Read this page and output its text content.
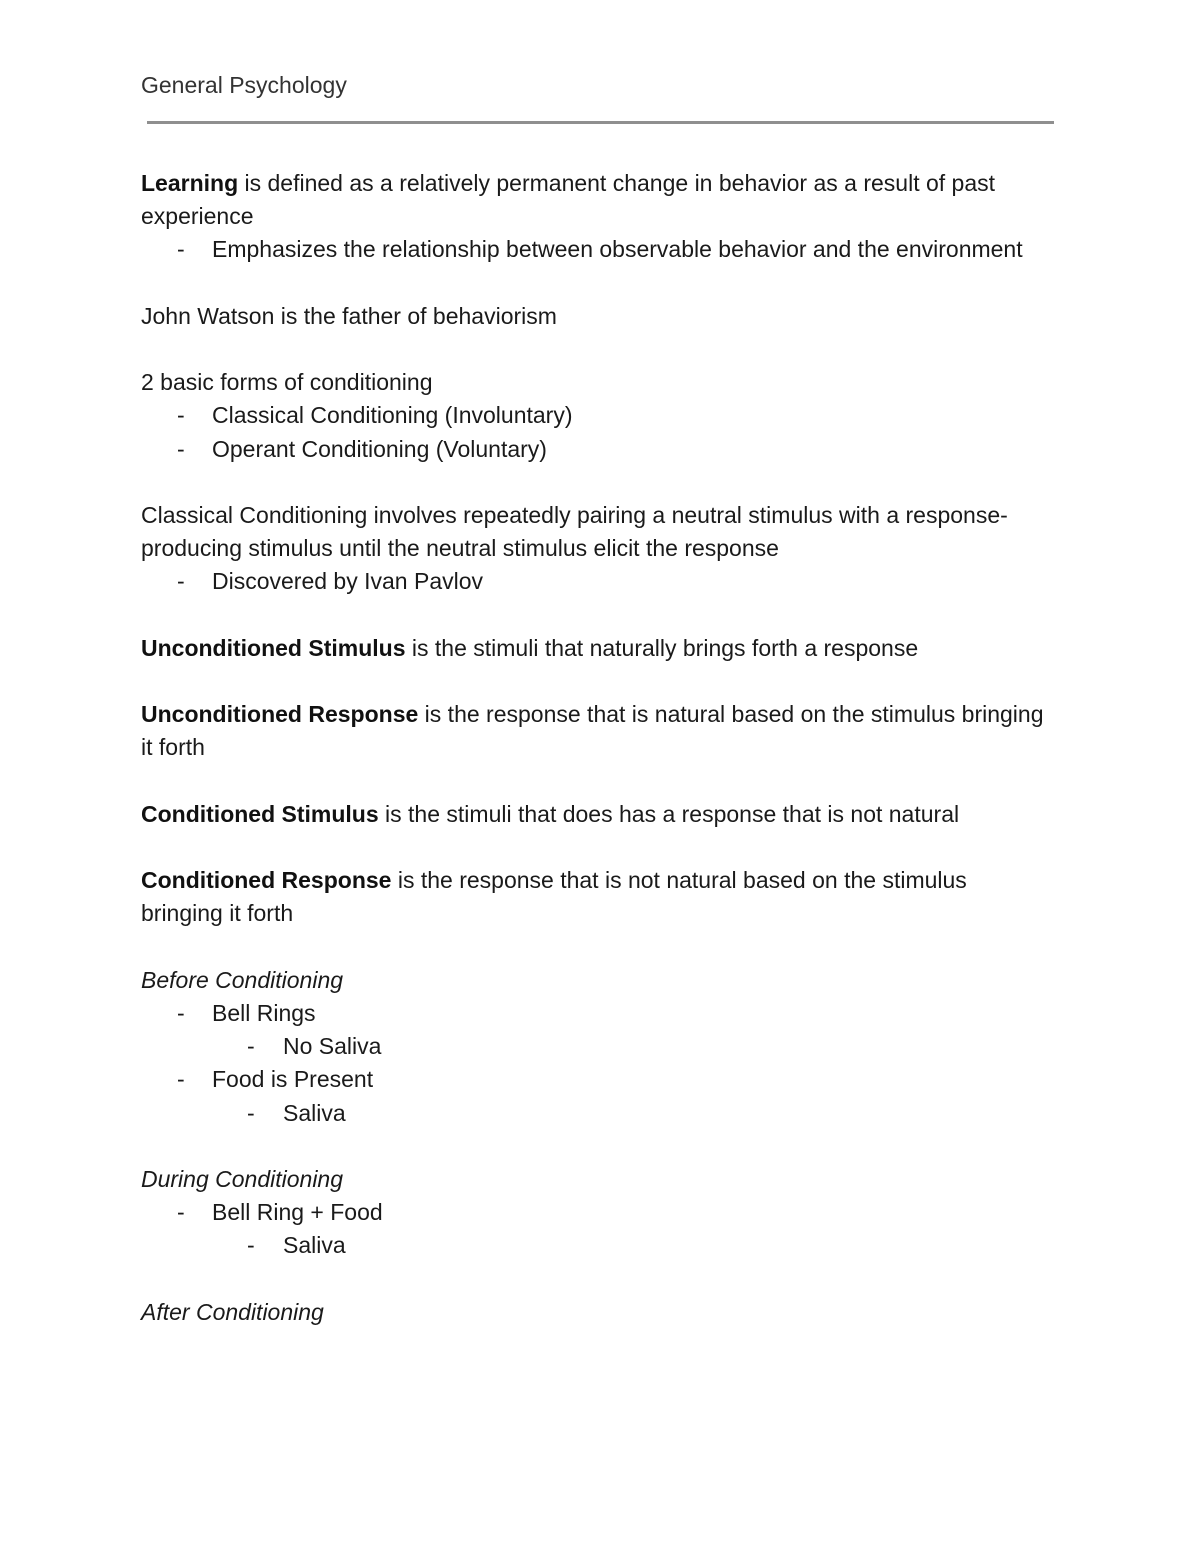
General Psychology

Learning is defined as a relatively permanent change in behavior as a result of past experience

- Emphasizes the relationship between observable behavior and the environment

John Watson is the father of behaviorism

2 basic forms of conditioning

- Classical Conditioning (Involuntary)

- Operant Conditioning (Voluntary)

Classical Conditioning involves repeatedly pairing a neutral stimulus with a response-producing stimulus until the neutral stimulus elicit the response

- Discovered by Ivan Pavlov

Unconditioned Stimulus is the stimuli that naturally brings forth a response

Unconditioned Response is the response that is natural based on the stimulus bringing it forth

Conditioned Stimulus is the stimuli that does has a response that is not natural

Conditioned Response is the response that is not natural based on the stimulus bringing it forth

Before Conditioning

- Bell Rings

- No Saliva

- Food is Present

- Saliva

During Conditioning

- Bell Ring + Food

- Saliva

After Conditioning
